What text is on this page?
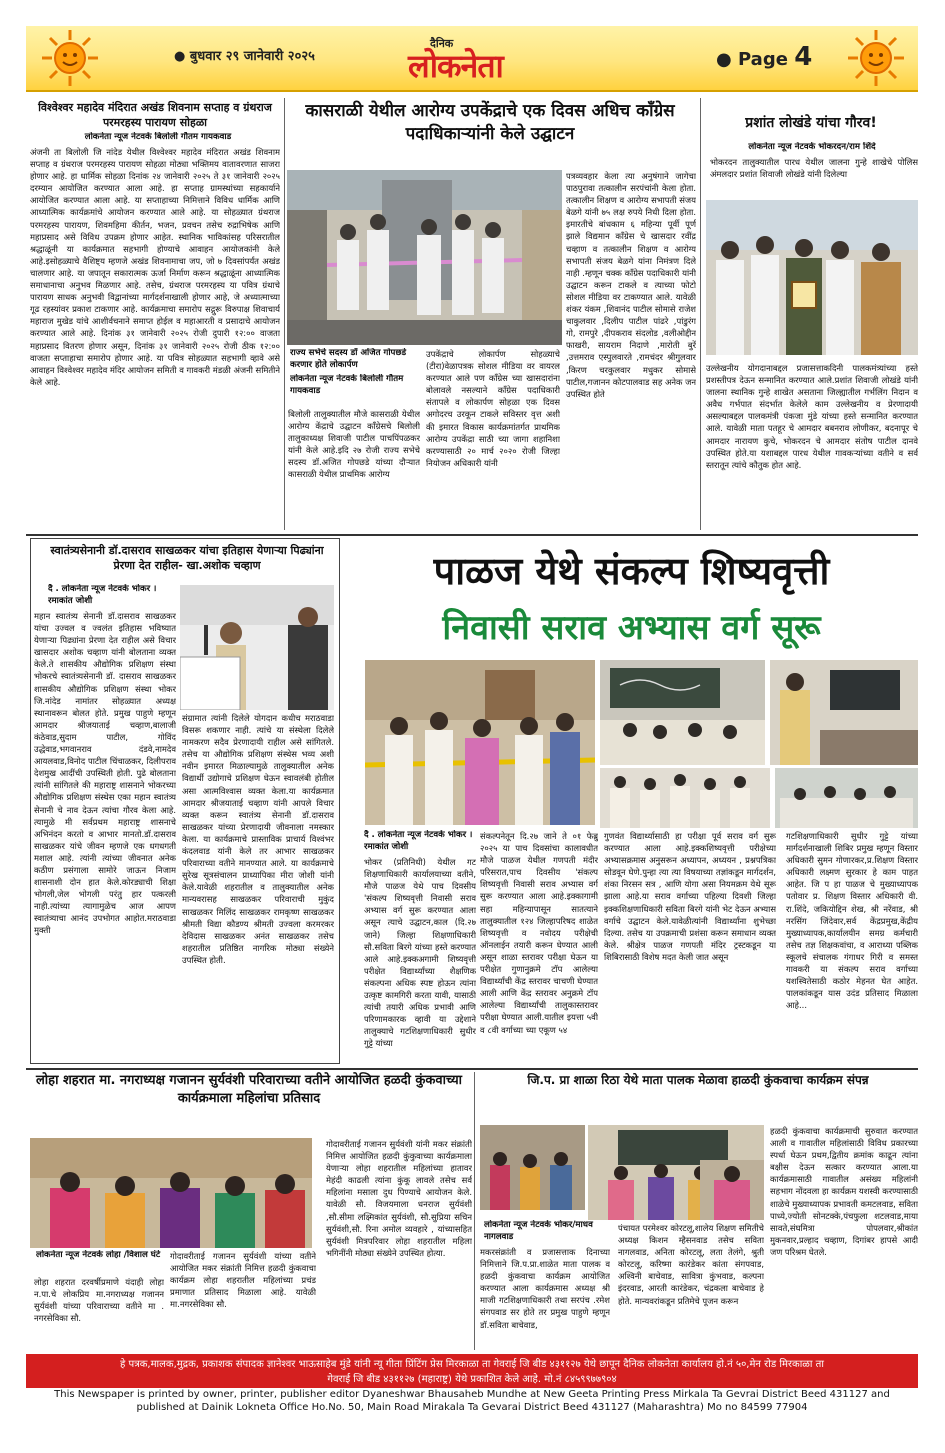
● बुधवार २९ जानेवारी २०२५
दैनिक
लोकनेता	● Page 4
विश्वेश्वर महादेव मंदिरात अखंड शिवनाम सप्ताह व ग्रंथराज परमरहस्य पारायण सोहळा
लोकनेता न्यूज नेटवर्क बिलोली गौतम गायकवाड
अंजनी ता बिलोली जि नांदेड येथील विश्वेश्वर महादेव मंदिरात अखंड शिवनाम सप्ताह व ग्रंथराज परमरहस्य पारायण सोहळा मोठ्या भक्तिमय वातावरणात साजरा होणार आहे. हा धार्मिक सोहळा दिनांक २४ जानेवारी २०२५ ते ३१ जानेवारी २०२५ दरम्यान आयोजित करण्यात आला आहे. हा सप्ताह ग्रामस्थांच्या सहकार्याने आयोजित करण्यात आला आहे. या सप्ताहाच्या निमित्ताने विविध धार्मिक आणि आध्यात्मिक कार्यक्रमांचे आयोजन करण्यात आले आहे. या सोहळ्यात ग्रंथराज परमरहस्य पारायण, शिवमहिमा कीर्तन, भजन, प्रवचन तसेच रुद्राभिषेक आणि महाप्रसाद असे विविध उपक्रम होणार आहेत. स्थानिक भाविकांसह परिसरातील श्रद्धाळूंनी या कार्यक्रमात सहभागी होण्याचे आवाहन आयोजकांनी केले आहे.इसोहळ्याचे वैशिष्ट्य म्हणजे अखंड शिवनामाचा जप, जो ७ दिवसांपर्यंत अखंड चालणार आहे. या जपातून सकारात्मक ऊर्जा निर्माण करून श्रद्धाळूंना आध्यात्मिक समाधानाचा अनुभव मिळणार आहे. तसेच, ग्रंथराज परमरहस्य या पवित्र ग्रंथाचे पारायण साधक अनुभवी विद्वानांच्या मार्गदर्शनाखाली होणार आहे, जे अध्यात्माच्या गूढ रहस्यांवर प्रकाश टाकणार आहे. कार्यक्रमाचा समारोप सद्गुरू विरुपाक्ष शिवाचार्य महाराज मुखेड यांचे आशीर्वचनाने समाप्त होईल व महाआरती व प्रसादाचे आयोजन करण्यात आले आहे. दिनांक ३१ जानेवारी २०२५ रोजी दुपारी १२:०० वाजता महाप्रसाद वितरण होणार असून, दिनांक ३१ जानेवारी २०२५ रोजी ठीक १२:०० वाजता सप्ताहाचा समारोप होणार आहे. या पवित्र सोहळ्यात सहभागी व्हावे असे आवाहन विश्वेश्वर महादेव मंदिर आयोजन समिती व गावकरी मंडळी अंजनी समितीने केले आहे.
कासराळी येथील आरोग्य उपकेंद्राचे एक दिवस अधिच काँग्रेस पदाधिकाऱ्यांनी केले उद्घाटन
राज्य सभेचे सदस्य डॉ अजित गोपछडे करणार होते लोकार्पण
लोकनेता न्यूज नेटवर्क बिलोली गौतम गायकवाड
बिलोली तालुक्यातील मौजे कासराळी येथील आरोग्य केंद्राचे उद्घाटन कॉंग्रेसचे बिलोली तालुकाध्यक्ष शिवाजी पाटील पाचपिंपळकर यांनी केले आहे.इदि २७ रोजी राज्य सभेचे सदस्य डॉ.अजित गोपछडे यांच्या दौऱ्यात कासराळी येथील प्राथमिक आरोग्य
उपकेंद्राचे लोकार्पण सोहळ्याचे (टीरा)वेळापत्रक सोशल मीडिया वर वायरल करण्यात आले पण कॉंग्रेस च्या खासदारांना बोलावले नसल्याने काँग्रेस पदाधिकारी संतापले व लोकार्पण सोहळा एक दिवस अगोदरच उरकून टाकले सविस्तर वृत्त अशी की इमारत विकास कार्यक्रमांतर्गत प्राथमिक आरोग्य उपकेंद्रा साठी च्या जागा शहानिशा करण्यासाठी २० मार्च २०२० रोजी जिल्हा नियोजन अधिकारी यांनी
पत्रव्यवहार केला त्या अनुषंगाने जागेचा पाठपुरावा तत्कालीन सरपंचांनी केला होता. तत्कालीन शिक्षण व आरोग्य सभापती संजय बेळगे यांनी ७५ लक्ष रुपये निधी दिला होता. इमारतीचे बांधकाम ६ महिन्या पूर्वी पूर्ण झाले विद्यमान काँग्रेस चे खासदार रवींद्र चव्हाण व तत्कालीन शिक्षण व आरोग्य सभापती संजय बेळगे यांना निमंत्रण दिले नाही .म्हणून चक्क कॉंग्रेस पदाधिकारी यांनी उद्घाटन करून टाकले व त्याच्या फोटो सोशल मीडिया वर टाकण्यात आले. यावेळी शंकर यंकम ,शिवानंद पाटील सोमासे राजेश चाकुलवार ,दिलीप पाटील पांढरे ,पांडुरंग गो, रामपुरे ,दीपकराव संदलोड ,वलीओद्दीन फाखरी, सायराम निदाणे ,मारोती बुरें ,उत्तमराव एस्पुलवारते ,रामचंदर श्रीगुलवार ,किरण चरकुलवार मधुकर सोमासे पाटील,गजानन कोटपालवाड सह अनेक जन उपस्थित होते
प्रशांत लोखंडे यांचा गौरव!
लोकनेता न्यूज नेटवर्क भोकरदन/राम शिंदे
भोकरदन तालुक्यातील पारध येथील जालना गुन्हे शाखेचे पोलिस अंमलदार प्रशांत शिवाजी लोखंडे यांनी दिलेल्या
उल्लेखनीय योगदानाबद्दल प्रजासत्ताकदिनी पालकमंत्र्यांच्या हस्ते प्रशस्तीपत्र देऊन सन्मानित करण्यात आले.प्रशांत शिवाजी लोखंडे यांनी जालना स्थानिक गुन्हे शाखेत असताना जिल्ह्यातील गर्भलिंग निदान व अवैध गर्भपात संदर्भात केलेले काम उल्लेखनीय व प्रेरणादायी असल्याबद्दल पालकमंत्री पंकजा मुंडे यांच्या हस्ते सन्मानित करण्यात आले. यावेळी माता पतहूर चे आमदार बबनराव लोणीकर, बदनापूर चे आमदार नारायण कुचे, भोकरदन चे आमदार संतोष पाटील दानवे उपस्थित होते.या यशाबद्दल पारध येथील गावकऱ्यांच्या वतीने व सर्व स्तरातून त्यांचे कौतुक होत आहे.
स्वातंत्र्यसेनानी डॉ.दासराव साखळकर यांचा इतिहास येणाऱ्या पिढ्यांना प्रेरणा देत राहील- खा.अशोक चव्हाण
दै . लोकनेता न्यूज नेटवर्क भोकर । रमाकांत जोशी
महान स्वातंत्र्य सेनानी डॉ.दासराव साखळकर यांचा उज्वल व ज्वलंत इतिहास भविष्यात येणाऱ्या पिढ्यांना प्रेरणा देत राहील असे विचार खासदार अशोक चव्हाण यांनी बोलताना व्यक्त केले.ते शासकीय औद्योगिक प्रशिक्षण संस्था भोकरचे स्वातंत्र्यसेनानी डॉ. दासराव साखळकर शासकीय औद्योगिक प्रशिक्षण संस्था भोकर जि.नांदेड नामांतर सोहळ्यात अध्यक्ष स्थानावरून बोलत होते. प्रमुख पाहुणे म्हणून आमदार श्रीजयाताई चव्हाण,बालाजी कंठेवाड,सुदाम पाटील, गोविंद उद्धेवाड,भगवानराव दंडवे,नामदेव आयलवाड,विनोद पाटील चिंचाळकर, दिलीपराव देशमुख आदींची उपस्थिती होती. पुढे बोलताना त्यांनी सांगितले की महाराष्ट्र शासनाने भोकरच्या औद्योगिक प्रशिक्षण संस्थेस एका महान स्वातंत्र्य सेनानी चे नाव देऊन त्यांचा गौरव केला आहे. त्यामुळे मी सर्वप्रथम महाराष्ट्र शासनाचे अभिनंदन करतो व आभार मानतो.डॉ.दासराव साखळकर यांचे जीवन म्हणजे एक धगधगती मशाल आहे. त्यांनी त्यांच्या जीवनात अनेक कठीण प्रसंगाला सामोरे जाऊन निजाम शासनाशी दोन हात केले.कोरड्याची शिक्षा भोगली,जेल भोगली परंतु हार पत्करली नाही.त्यांच्या त्यागामुळेच आज आपण स्वातंत्र्याचा आनंद उपभोगत आहोत.मराठवाडा मुक्ती
संग्रामात त्यांनी दिलेले योगदान कधीच मराठवाडा विसरू शकणार नाही. त्यांचे या संस्थेला दिलेले नामकरण सदैव प्रेरणादायी राहील असे सांगितले. तसेच या औद्योगिक प्रशिक्षण संस्थेस भव्य अशी नवीन इमारत मिळाल्यामुळे तालुक्यातील अनेक विद्यार्थी उद्योगाचे प्रशिक्षण घेऊन स्वावलंबी होतील असा आत्मविश्वास व्यक्त केला.या कार्यक्रमात आमदार श्रीजयाताई चव्हाण यांनी आपले विचार व्यक्त करून स्वातंत्र्य सेनानी डॉ.दासराव साखळकर यांच्या प्रेरणादायी जीवनाला नमस्कार केला. या कार्यक्रमाचे प्रास्ताविक प्राचार्य विश्वंभर कंदलवाड यांनी केले तर आभार साखळकर परिवाराच्या वतीने मानण्यात आले. या कार्यक्रमाचे सुरेख सूत्रसंचालन प्राध्यापिका मीरा जोशी यांनी केले.यावेळी शहरातील व तालुक्यातील अनेक मान्यवरासह साखळकर परिवाराची मुकुंद साखळकर मिलिंद साखळकर रामकृष्ण साखळकर श्रीमती विद्या कौडण्य श्रीमती उज्वला करमरकर देविदास साखळकर अनंत साखळकर तसेच शहरातील प्रतिष्ठित नागरिक मोठ्या संख्येने उपस्थित होती.
पाळज येथे संकल्प शिष्यवृत्ती
निवासी सराव अभ्यास वर्ग सूरू
दै . लोकनेता न्यूज नेटवर्क भोकर । रमाकांत जोशी
भोकर (प्रतिनिधी) येथील गट शिक्षणाधिकारी कार्यालयाच्या वतीने, मौजे पाळज येथे पाच दिवसीय 'संकल्प शिष्यवृत्ती निवासी सराव अभ्यास वर्ग सुरू करण्यात आला असून त्याचे उद्घाटन,काल (दि.२७ जाने) जिल्हा शिक्षणाधिकारी सौ.सविता बिरगे यांच्या हस्ते करण्यात आले आहे.इक्कअगामी शिष्यवृत्ती परीक्षेत विद्यार्थ्यांच्या शैक्षणिक संकल्पना अधिक स्पष्ट होऊन त्यांना उत्कृष्ट कामगिरी करता यावी, यासाठी त्यांची तयारी अधिक प्रभावी आणि परिणामकारक व्हावी या उद्देशाने तालुक्याचे गटशिक्षणाधिकारी सुधीर गुट्टे यांच्या
संकल्पनेतून दि.२७ जाने ते ०१ फेब्रु २०२५ या पाच दिवसांचा कालावधीत मौजे पाळज येथील गणपती मंदीर परिसरात,पाच दिवसीय 'संकल्प शिष्यवृत्ती निवासी सराव अभ्यास वर्ग सुरू करण्यात आला आहे.इक्कागामी सहा महिन्यापासून सातत्याने तालुक्यातील १२४ जिल्हापरिषद शाळेत शिष्यवृत्ती व नवोदय परीक्षेची ऑनलाईन तयारी करून घेण्यात आली असून शाळा स्तरावर परीक्षा घेऊन या परीक्षेत गुणानुक्रमे टॉप आलेल्या विद्यार्थ्यांची केंद्र स्तरावर चाचणी घेण्यात आली आणि केंद्र स्तरावर अनुक्रमे टॉप आलेल्या विद्यार्थ्यांची तालुकास्तरावर परीक्षा घेण्यात आली.यातील इयत्ता ५वी व ८वी वर्गाच्या च्या एकूण ५४
गुणवंत विद्यार्थ्यासाठी हा परीक्षा पूर्व सराव वर्ग सुरू करण्यात आला आहे.इक्कशिष्यवृत्ती परीक्षेच्या अभ्यासक्रमास अनुसरून अध्यापन, अध्ययन , प्रश्नपत्रिका सोडवून घेणे.पुन्हा त्या त्या विषयाच्या तज्ञांकडून मार्गदर्शन, शंका निरसन सत्र , आणि योगा असा नियमक्रम येथे सूरू झाला आहे.या सराव वर्गाच्या पहिल्या दिवशी जिल्हा इक्कशिक्षणाधिकारी सविता बिरगे यांनी भेट देऊन अभ्यास वर्गाचे उद्घाटन केले.यावेळीत्यांनी विद्यार्थ्यांना शुभेच्छा दिल्या. तसेच या उपक्रमाची प्रशंसा करून समाधान व्यक्त केले. श्रीक्षेत्र पाळज गणपती मंदिर ट्रस्टकडून या शिबिरासाठी विशेष मदत केली जात असून
गटशिक्षणाधिकारी सुधीर गुट्टे यांच्या मार्गदर्शनाखाली शिबिर प्रमुख म्हणून विस्तार अधिकारी सुमन गोणारकर,प्र.शिक्षण विस्तार अधिकारी लक्ष्मण सुरकार हे काम पाहत आहेत. जि प हा पाळज चे मुख्याध्यापक पतोवार प्र. शिक्षण विस्तार अधिकारी वी. रा.शिंदे, जकियोद्दिन शेख, श्री नरेंवाड, श्री नरसिंग जिंदेवार,सर्व केंद्रप्रमुख,केंद्रीय मुख्याध्यापक,कार्यालयीन समग्र कर्मचारी तसेच तज्ञ शिक्षकवांचा, व आराध्या पब्लिक स्कूलचे संचालक गंगाधर गिरी व समस्त गावकरी या संकल्प सराव वर्गाच्या यशस्वितेसाठी कठोर मेहनत घेत आहेत. पालकांकडून यास उदंड प्रतिसाद मिळाला आहे...
लोहा शहरात मा. नगराध्यक्ष गजानन सुर्यवंशी परिवाराच्या वतीने आयोजित हळदी कुंकवाच्या कार्यक्रमाला महिलांचा प्रतिसाद
लोकनेता न्यूज नेटवर्क लोहा /विशाल घंटे
लोहा शहरात दरवर्षीप्रमाणे यंदाही लोहा न.पा.चे लोकप्रिय मा.नगराध्यक्ष गजानन सुर्यवंशी यांच्या परिवाराच्या वतीने मा . नगरसेविका सौ.
गोदावरीताई गजानन सुर्यवंशी यांच्या वतीने आयोजित मकर संक्रांती निमित्त हळदी कुंकवाचा कार्यक्रम लोहा शहरातील महिलांच्या प्रचंड प्रमाणात प्रतिसाद मिळाला आहे. यावेळी मा.नगरसेविका सौ.
गोदावरीताई गजानन सुर्यवंशी यांनी मकर संक्रांती निमित्त आयोजित हळदी कुंकुवाच्या कार्यक्रमाला येणाऱ्या लोहा शहरातील महिलांच्या हातावर मेहंदी काढली त्यांना कुंकू लावले तसेच सर्व महिलांना मसाला दुध पिण्याचे आयोजन केले. यावेळी सौ. विजयमाला धनराज सुर्यवंशी ,सौ.सीमा लक्ष्मिकांत सुर्यवंशी, सौ.सुप्रिया सचिन सुर्यवंशी,सौ. रिना अमोल व्यवहारे , यांच्यासहित सुर्यवंशी मित्रपरिवार लोहा शहरातील महिला भगिनींनी मोठ्या संख्येने उपस्थित होत्या.
जि.प. प्रा शाळा रिठा येथे माता पालक मेळावा हाळदी कुंकवाचा कार्यक्रम संपन्न
लोकनेता न्यूज नेटवर्क भोकर/माधव नागलवाड
मकरसंक्रांती व प्रजासत्ताक दिनाच्या निमित्ताने जि.प.प्रा.शाळेत माता पालक व हळदी कुंकवाचा कार्यक्रम आयोजित करण्यात आला कार्यक्रमास अध्यक्ष श्री माजी गटशिक्षणाधिकारी तथा सरपंच .रमेश संगपवाड सर होते तर प्रमुख पाहुणे म्हणून डॉ.सविता बाचेवाड,
पंचायत परमेश्वर कोरटलू,शालेय शिक्षण समितीचे अध्यक्ष किशन म्हैसनवाड तसेच सविता नागलवाड, अनिता कोरटलू, लता तेलंगे, श्रुती कोरटलू, करिष्मा कारंडेकर कांता संगपवाड, अश्विनी बाचेवाड, सावित्रा कुंभवाड, कल्पना इंदरवाड, आरती कारंडेकर, चंद्रकला बाचेवाड हे होते. मान्यवरांकडून प्रतिमेचे पूजन करून
हळदी कुंकवाचा कार्यक्रमाची सुरुवात करण्यात आली व गावातील महिलांसाठी विविध प्रकारच्या स्पर्धा घेऊन प्रथम,द्वितीय क्रमांक काढून त्यांना बक्षीस देऊन सत्कार करण्यात आला.या कार्यक्रमासाठी गावातील असंख्य महिलांनी सहभाग नोंदवला हा कार्यक्रम यशस्वी करण्यासाठी शाळेचे मुख्याध्यापक प्रभावती कमटलवाड, सविता पाध्ये,ज्योती सोनटक्के,पंचफुला शटलवाड,माया सावते,संघमित्रा पोपलवार,श्रीकांत मुकनवार,प्रल्हाद चव्हाण, दिगांबर हापसे आदी जण परिश्रम घेतले.
हे पत्रक,मालक,मुद्रक, प्रकाशक संपादक ज्ञानेश्वर भाऊसाहेब मुंडे यांनी न्यू गीता प्रिंटिंग प्रेस मिरकाळा ता गेवराई जि बीड ४३११२७ येथे छापून दैनिक लोकनेता कार्यालय हो.नं ५०,मेन रोड मिरकाळा ता
गेवराई जि बीड ४३११२७ (महाराष्ट्र) येथे प्रकाशित केले आहे. मो.नं ८४५९९७७९०४
This Newspaper is printed by owner, printer, publisher editor Dyaneshwar Bhausaheb Mundhe at New Geeta Printing Press Mirkala Ta Gevrai District Beed 431127 and
published at Dainik Lokneta Office Ho.No. 50, Main Road Mirakala Ta Gevarai District Beed 431127 (Maharashtra) Mo no 84599 77904
